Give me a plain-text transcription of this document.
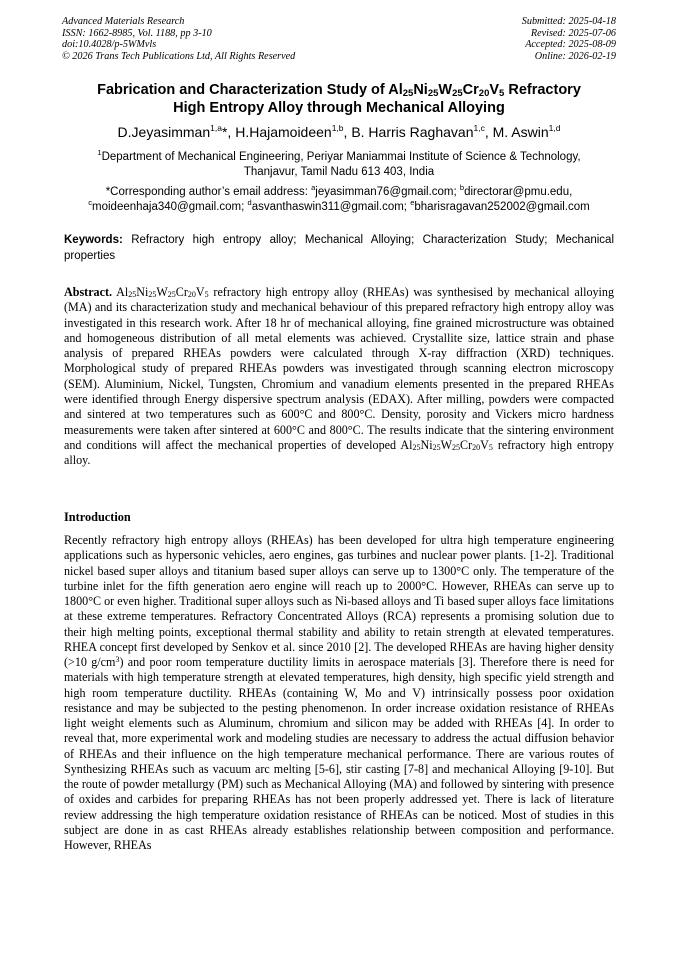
Advanced Materials Research
ISSN: 1662-8985, Vol. 1188, pp 3-10
doi:10.4028/p-5WMvls
© 2026 Trans Tech Publications Ltd, All Rights Reserved
Submitted: 2025-04-18
Revised: 2025-07-06
Accepted: 2025-08-09
Online: 2026-02-19
Fabrication and Characterization Study of $Al_{25}Ni_{25}W_{25}Cr_{20}V_5$ Refractory
High Entropy Alloy through Mechanical Alloying
D.Jeyasimman$^{1,a}$*, H.Hajamoideen$^{1,b}$, B. Harris Raghavan$^{1,c}$, M. Aswin$^{1,d}$
$^1$Department of Mechanical Engineering, Periyar Maniammai Institute of Science & Technology,
Thanjavur, Tamil Nadu 613 403, India
*Corresponding author’s email address: $^a$jeyasimman76@gmail.com; $^b$directorar@pmu.edu,
$^c$moideenhaja340@gmail.com; $^d$asvanthaswin311@gmail.com; $^e$bharisragavan252002@gmail.com
Keywords: Refractory high entropy alloy; Mechanical Alloying; Characterization Study; Mechanical properties
Abstract. $Al_{25}Ni_{25}W_{25}Cr_{20}V_5$ refractory high entropy alloy (RHEAs) was synthesised by mechanical alloying (MA) and its characterization study and mechanical behaviour of this prepared refractory high entropy alloy was investigated in this research work. After 18 hr of mechanical alloying, fine grained microstructure was obtained and homogeneous distribution of all metal elements was achieved. Crystallite size, lattice strain and phase analysis of prepared RHEAs powders were calculated through X-ray diffraction (XRD) techniques. Morphological study of prepared RHEAs powders was investigated through scanning electron microscopy (SEM). Aluminium, Nickel, Tungsten, Chromium and vanadium elements presented in the prepared RHEAs were identified through Energy dispersive spectrum analysis (EDAX). After milling, powders were compacted and sintered at two temperatures such as 600°C and 800°C. Density, porosity and Vickers micro hardness measurements were taken after sintered at 600°C and 800°C. The results indicate that the sintering environment and conditions will affect the mechanical properties of developed $Al_{25}Ni_{25}W_{25}Cr_{20}V_5$ refractory high entropy alloy.
Introduction
Recently refractory high entropy alloys (RHEAs) has been developed for ultra high temperature engineering applications such as hypersonic vehicles, aero engines, gas turbines and nuclear power plants. [1-2]. Traditional nickel based super alloys and titanium based super alloys can serve up to 1300°C only. The temperature of the turbine inlet for the fifth generation aero engine will reach up to 2000°C. However, RHEAs can serve up to 1800°C or even higher. Traditional super alloys such as Ni-based alloys and Ti based super alloys face limitations at these extreme temperatures. Refractory Concentrated Alloys (RCA) represents a promising solution due to their high melting points, exceptional thermal stability and ability to retain strength at elevated temperatures. RHEA concept first developed by Senkov et al. since 2010 [2]. The developed RHEAs are having higher density (>10 $g/cm^3$) and poor room temperature ductility limits in aerospace materials [3]. Therefore there is need for materials with high temperature strength at elevated temperatures, high density, high specific yield strength and high room temperature ductility. RHEAs (containing W, Mo and V) intrinsically possess poor oxidation resistance and may be subjected to the pesting phenomenon. In order increase oxidation resistance of RHEAs light weight elements such as Aluminum, chromium and silicon may be added with RHEAs [4]. In order to reveal that, more experimental work and modeling studies are necessary to address the actual diffusion behavior of RHEAs and their influence on the high temperature mechanical performance. There are various routes of Synthesizing RHEAs such as vacuum arc melting [5-6], stir casting [7-8] and mechanical Alloying [9-10]. But the route of powder metallurgy (PM) such as Mechanical Alloying (MA) and followed by sintering with presence of oxides and carbides for preparing RHEAs has not been properly addressed yet. There is lack of literature review addressing the high temperature oxidation resistance of RHEAs can be noticed. Most of studies in this subject are done in as cast RHEAs already establishes relationship between composition and performance. However, RHEAs
